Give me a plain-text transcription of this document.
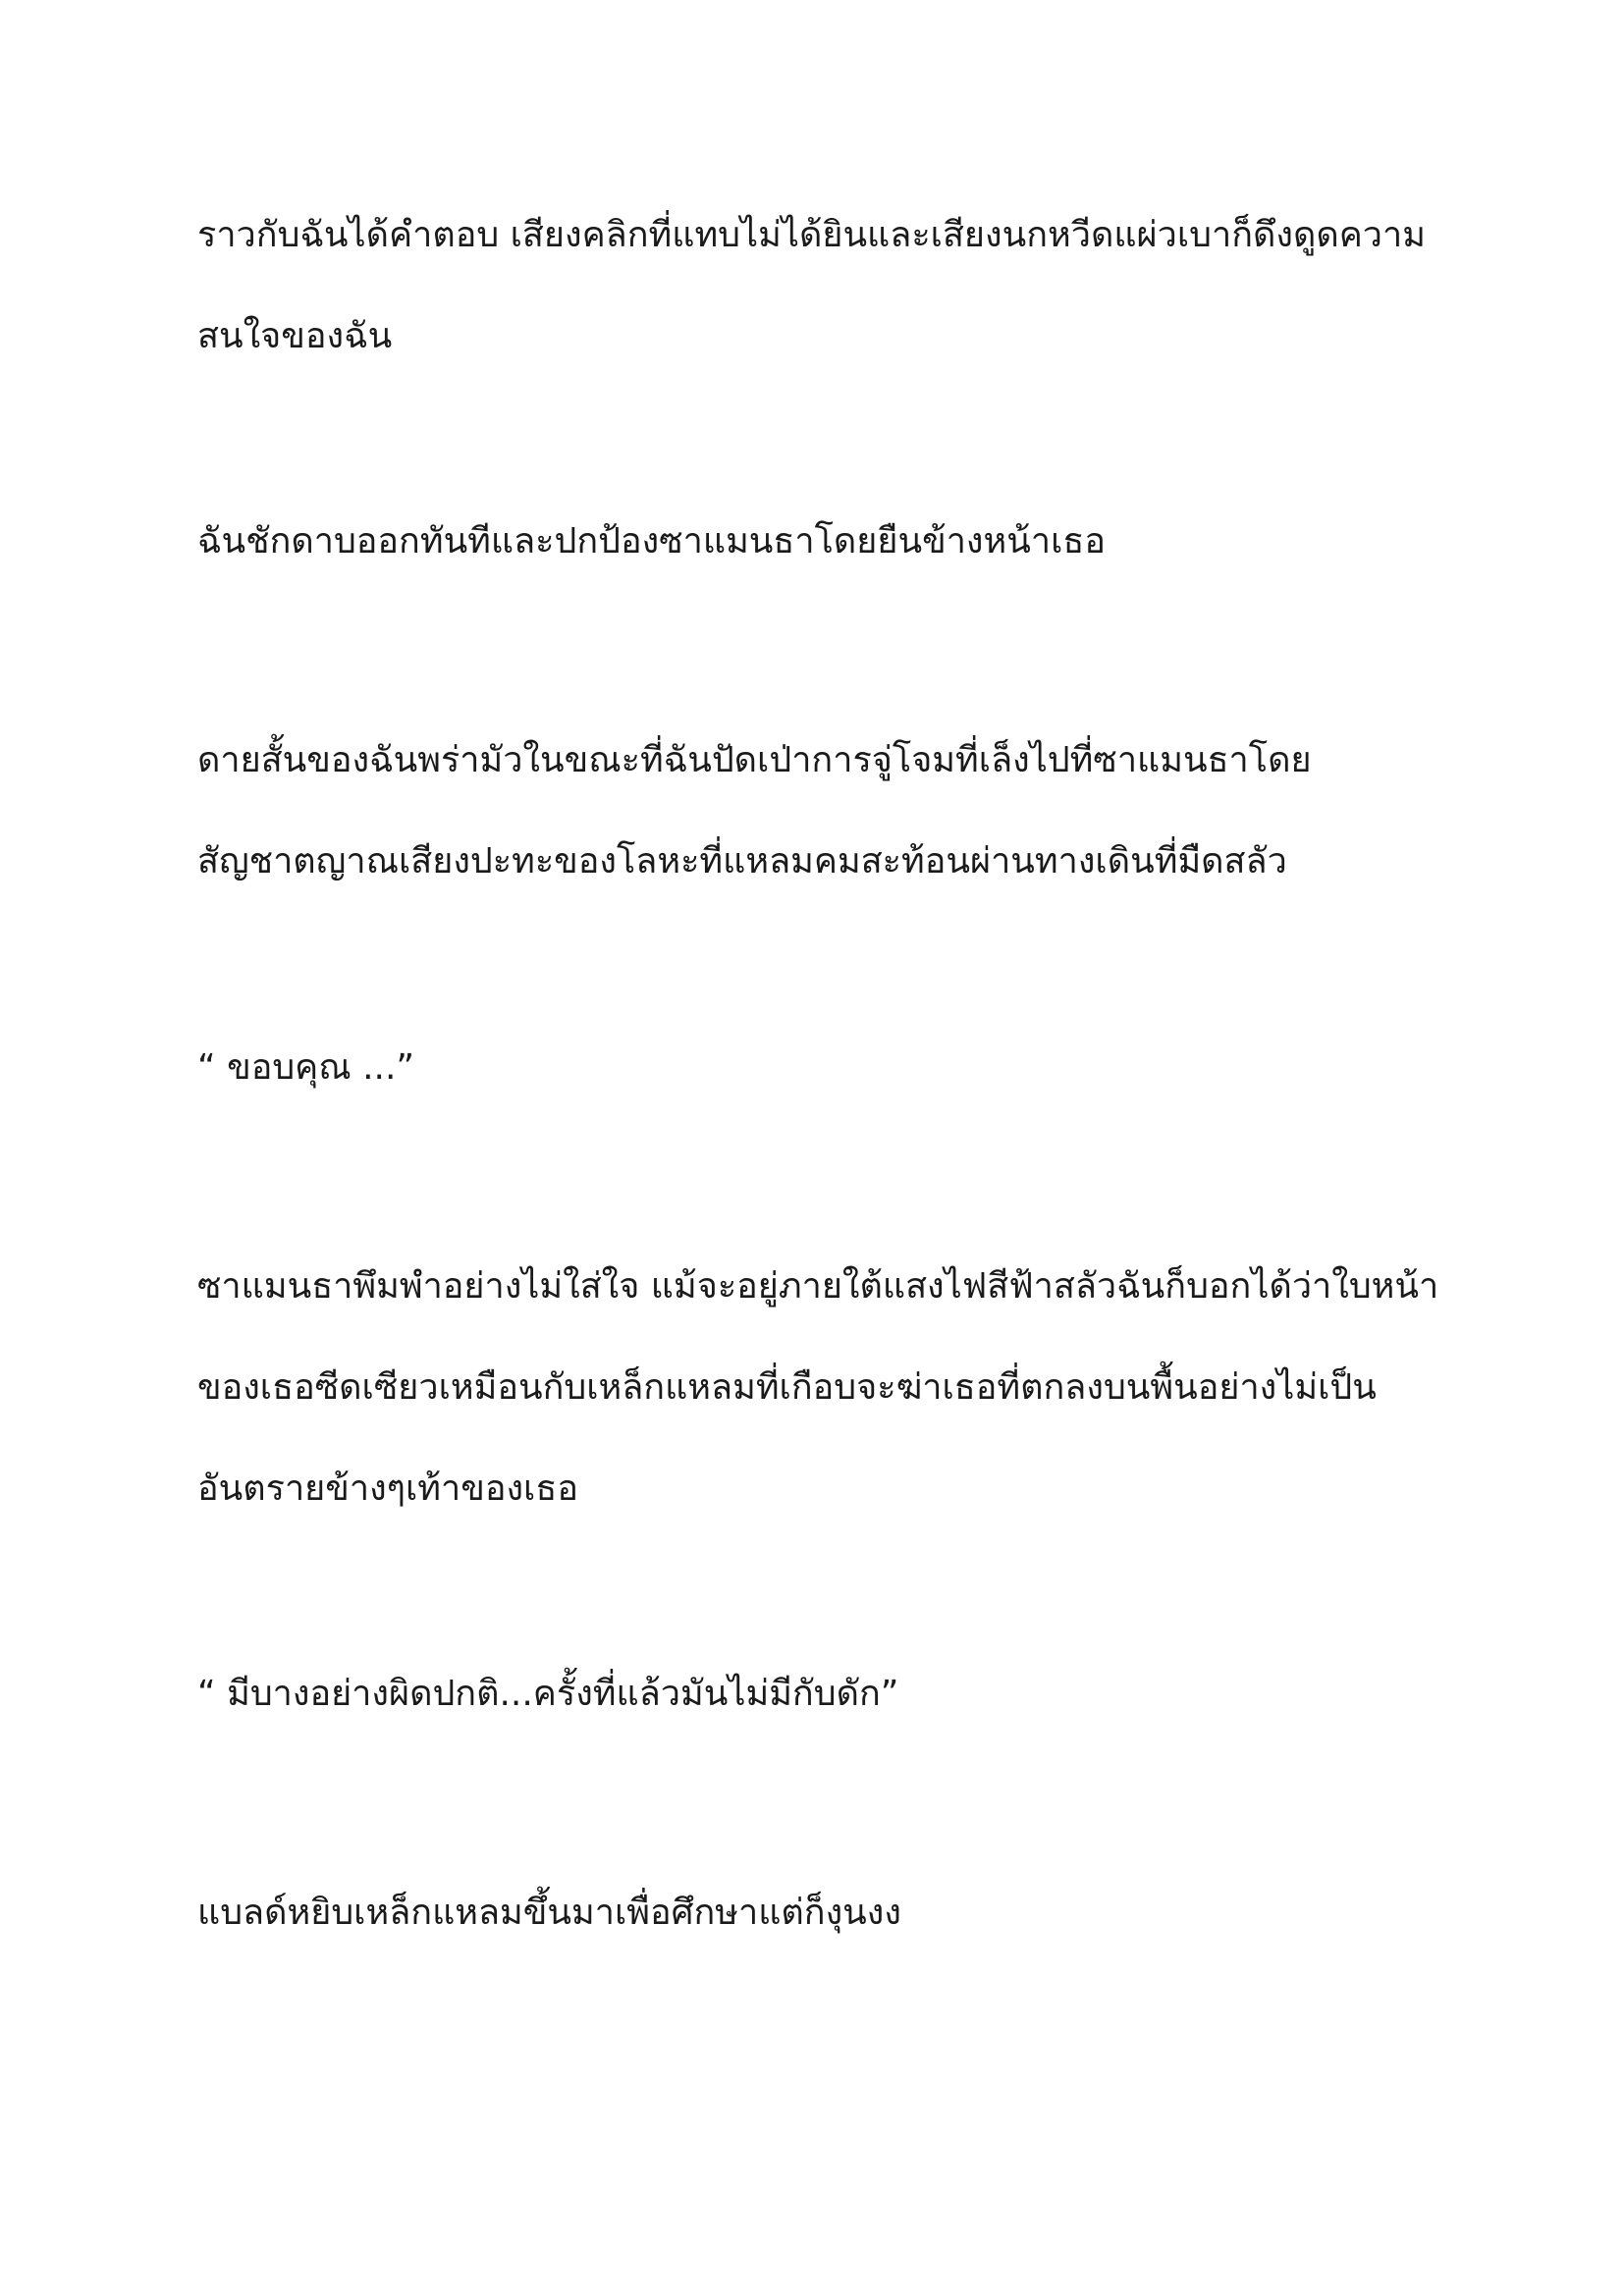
ราวกับฉันได้คำตอบ เสียงคลิกที่แทบไม่ได้ยินและเสียงนกหวีดแผ่วเบาก็ดึงดูดความ
สนใจของฉัน

ฉันชักดาบออกทันทีและปกป้องซาแมนธาโดยยืนข้างหน้าเธอ

ดายสั้นของฉันพร่ามัวในขณะที่ฉันปัดเป่าการจู่โจมที่เล็งไปที่ซาแมนธาโดย
สัญชาตญาณเสียงปะทะของโลหะที่แหลมคมสะท้อนผ่านทางเดินที่มืดสลัว

“ ขอบคุณ ...”

ซาแมนธาพึมพำอย่างไม่ใส่ใจ แม้จะอยู่ภายใต้แสงไฟสีฟ้าสลัวฉันก็บอกได้ว่าใบหน้า
ของเธอซีดเซียวเหมือนกับเหล็กแหลมที่เกือบจะฆ่าเธอที่ตกลงบนพื้นอย่างไม่เป็น
อันตรายข้างๆเท้าของเธอ

“ มีบางอย่างผิดปกติ...ครั้งที่แล้วมันไม่มีกับดัก”

แบลด์หยิบเหล็กแหลมขึ้นมาเพื่อศึกษาแต่ก็งุนงง
